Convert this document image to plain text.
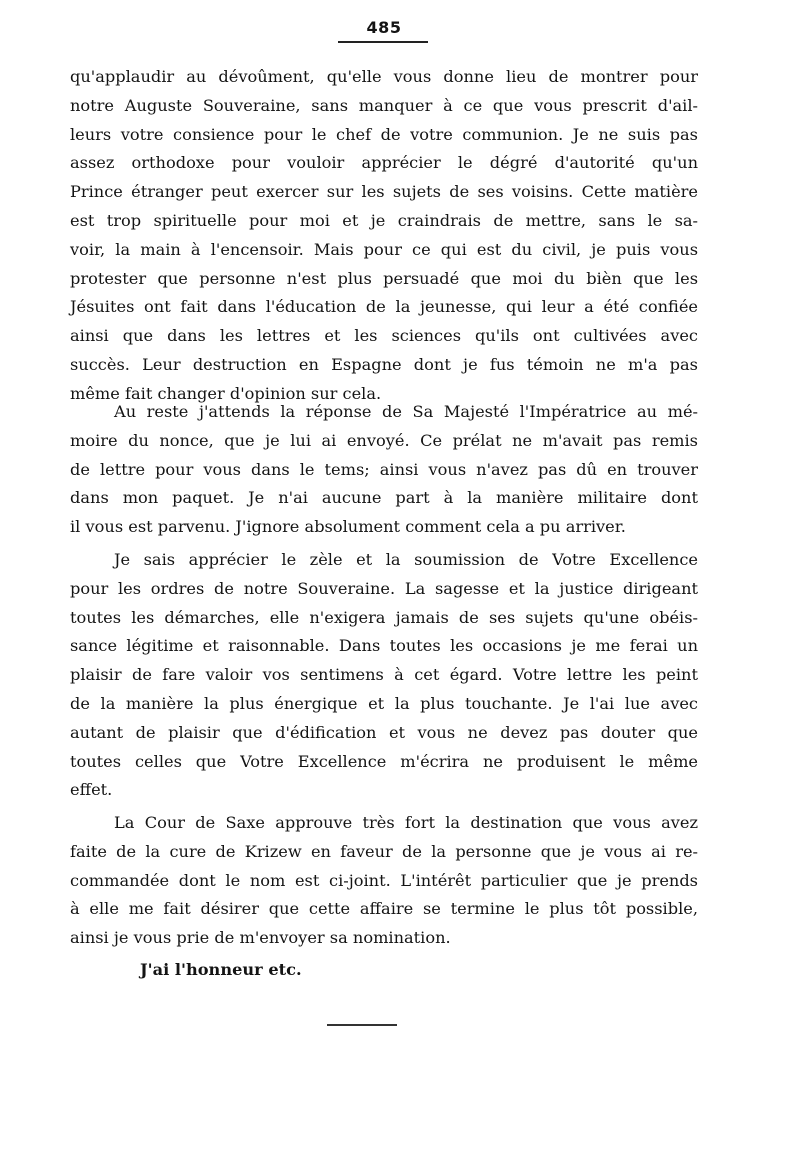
485
qu'applaudir au dévoûment, qu'elle vous donne lieu de montrer pour
notre Auguste Souveraine, sans manquer à ce que vous prescrit d'ail-
leurs votre consience pour le chef de votre communion. Je ne suis pas
assez orthodoxe pour vouloir apprécier le dégré d'autorité qu'un
Prince étranger peut exercer sur les sujets de ses voisins. Cette matière
est trop spirituelle pour moi et je craindrais de mettre, sans le sa-
voir, la main à l'encensoir. Mais pour ce qui est du civil, je puis vous
protester que personne n'est plus persuadé que moi du bièn que les
Jésuites ont fait dans l'éducation de la jeunesse, qui leur a été confiée
ainsi que dans les lettres et les sciences qu'ils ont cultivées avec
succès. Leur destruction en Espagne dont je fus témoin ne m'a pas
même fait changer d'opinion sur cela.
Au reste j'attends la réponse de Sa Majesté l'Impératrice au mé-
moire du nonce, que je lui ai envoyé. Ce prélat ne m'avait pas remis
de lettre pour vous dans le tems; ainsi vous n'avez pas dû en trouver
dans mon paquet. Je n'ai aucune part à la manière militaire dont
il vous est parvenu. J'ignore absolument comment cela a pu arriver.
Je sais apprécier le zèle et la soumission de Votre Excellence
pour les ordres de notre Souveraine. La sagesse et la justice dirigeant
toutes les démarches, elle n'exigera jamais de ses sujets qu'une obéis-
sance légitime et raisonnable. Dans toutes les occasions je me ferai un
plaisir de fare valoir vos sentimens à cet égard. Votre lettre les peint
de la manière la plus énergique et la plus touchante. Je l'ai lue avec
autant de plaisir que d'édification et vous ne devez pas douter que
toutes celles que Votre Excellence m'écrira ne produisent le même
effet.
La Cour de Saxe approuve très fort la destination que vous avez
faite de la cure de Krizew en faveur de la personne que je vous ai re-
commandée dont le nom est ci-joint. L'intérêt particulier que je prends
à elle me fait désirer que cette affaire se termine le plus tôt possible,
ainsi je vous prie de m'envoyer sa nomination.
J'ai l'honneur etc.
